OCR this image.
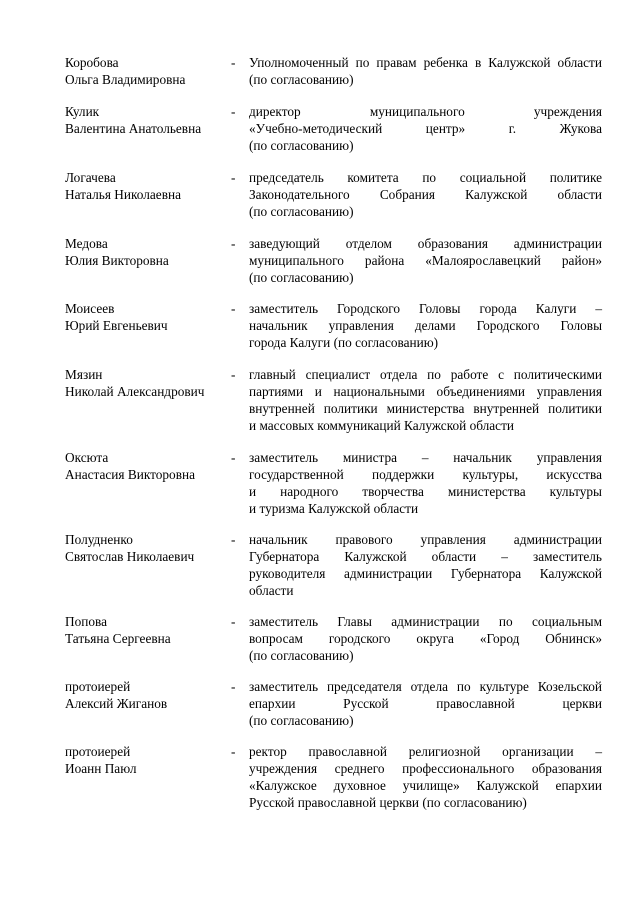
Коробова
Ольга Владимировна
- Уполномоченный по правам ребенка в Калужской области
(по согласованию)
Кулик
Валентина Анатольевна
- директор муниципального учреждения
«Учебно-методический центр» г. Жукова
(по согласованию)
Логачева
Наталья Николаевна
- председатель комитета по социальной политике
Законодательного Собрания Калужской области
(по согласованию)
Медова
Юлия Викторовна
- заведующий отделом образования администрации
муниципального района «Малоярославецкий район»
(по согласованию)
Моисеев
Юрий Евгеньевич
- заместитель Городского Головы города Калуги –
начальник управления делами Городского Головы
города Калуги (по согласованию)
Мязин
Николай Александрович
- главный специалист отдела по работе с политическими
партиями и национальными объединениями управления
внутренней политики министерства внутренней политики
и массовых коммуникаций Калужской области
Оксюта
Анастасия Викторовна
- заместитель министра – начальник управления
государственной поддержки культуры, искусства
и народного творчества министерства культуры
и туризма Калужской области
Полудненко
Святослав Николаевич
- начальник правового управления администрации
Губернатора Калужской области – заместитель
руководителя администрации Губернатора Калужской
области
Попова
Татьяна Сергеевна
- заместитель Главы администрации по социальным
вопросам городского округа «Город Обнинск»
(по согласованию)
протоиерей
Алексий Жиганов
- заместитель председателя отдела по культуре Козельской
епархии Русской православной церкви
(по согласованию)
протоиерей
Иоанн Паюл
- ректор православной религиозной организации –
учреждения среднего профессионального образования
«Калужское духовное училище» Калужской епархии
Русской православной церкви (по согласованию)
